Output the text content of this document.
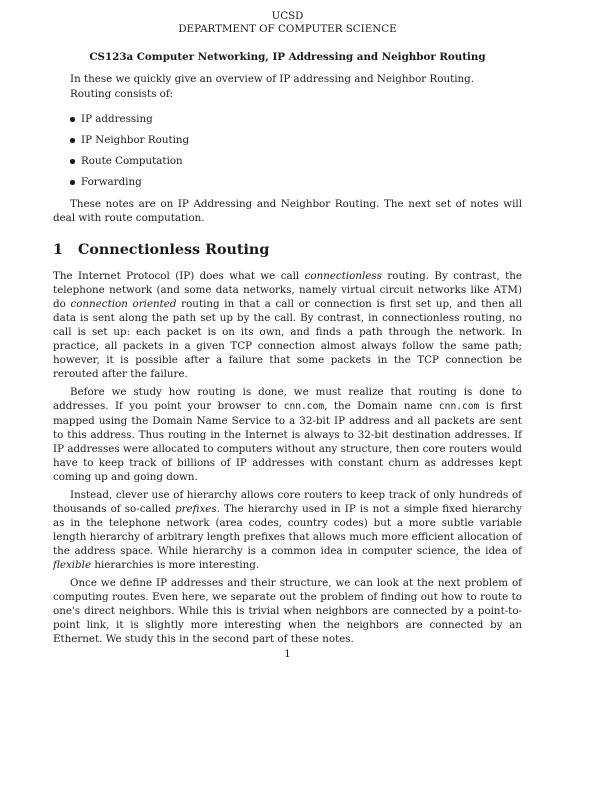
UCSD
DEPARTMENT OF COMPUTER SCIENCE
CS123a Computer Networking, IP Addressing and Neighbor Routing

In these we quickly give an overview of IP addressing and Neighbor Routing.

Routing consists of:

IP addressing
IP Neighbor Routing
Route Computation
Forwarding

These notes are on IP Addressing and Neighbor Routing. The next set of notes will deal with route computation.

1 Connectionless Routing

The Internet Protocol (IP) does what we call connectionless routing. By contrast, the telephone network (and some data networks, namely virtual circuit networks like ATM) do connection oriented routing in that a call or connection is first set up, and then all data is sent along the path set up by the call. By contrast, in connectionless routing, no call is set up: each packet is on its own, and finds a path through the network. In practice, all packets in a given TCP connection almost always follow the same path; however, it is possible after a failure that some packets in the TCP connection be rerouted after the failure.

Before we study how routing is done, we must realize that routing is done to addresses. If you point your browser to cnn.com, the Domain name cnn.com is first mapped using the Domain Name Service to a 32-bit IP address and all packets are sent to this address. Thus routing in the Internet is always to 32-bit destination addresses. If IP addresses were allocated to computers without any structure, then core routers would have to keep track of billions of IP addresses with constant churn as addresses kept coming up and going down.

Instead, clever use of hierarchy allows core routers to keep track of only hundreds of thousands of so-called prefixes. The hierarchy used in IP is not a simple fixed hierarchy as in the telephone network (area codes, country codes) but a more subtle variable length hierarchy of arbitrary length prefixes that allows much more efficient allocation of the address space. While hierarchy is a common idea in computer science, the idea of flexible hierarchies is more interesting.

Once we define IP addresses and their structure, we can look at the next problem of computing routes. Even here, we separate out the problem of finding out how to route to one's direct neighbors. While this is trivial when neighbors are connected by a point-to-point link, it is slightly more interesting when the neighbors are connected by an Ethernet. We study this in the second part of these notes.

1
